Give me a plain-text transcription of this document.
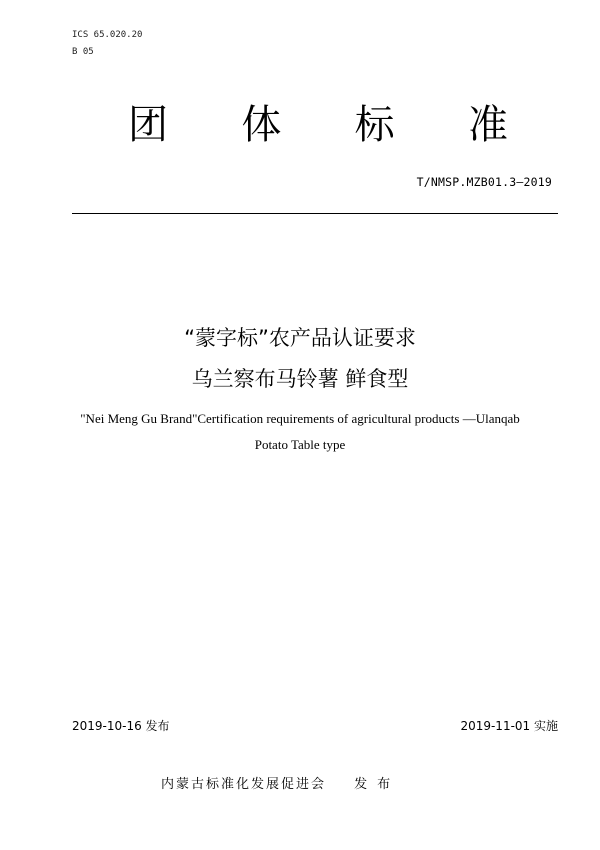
ICS 65.020.20
B 05
团 体 标 准
T/NMSP.MZB01.3—2019
“蒙字标”农产品认证要求
乌兰察布马铃薯 鲜食型
"Nei Meng Gu Brand"Certification requirements of agricultural products —Ulanqab
Potato Table type
2019-10-16 发布	2019-11-01 实施
内蒙古标准化发展促进会 发布
